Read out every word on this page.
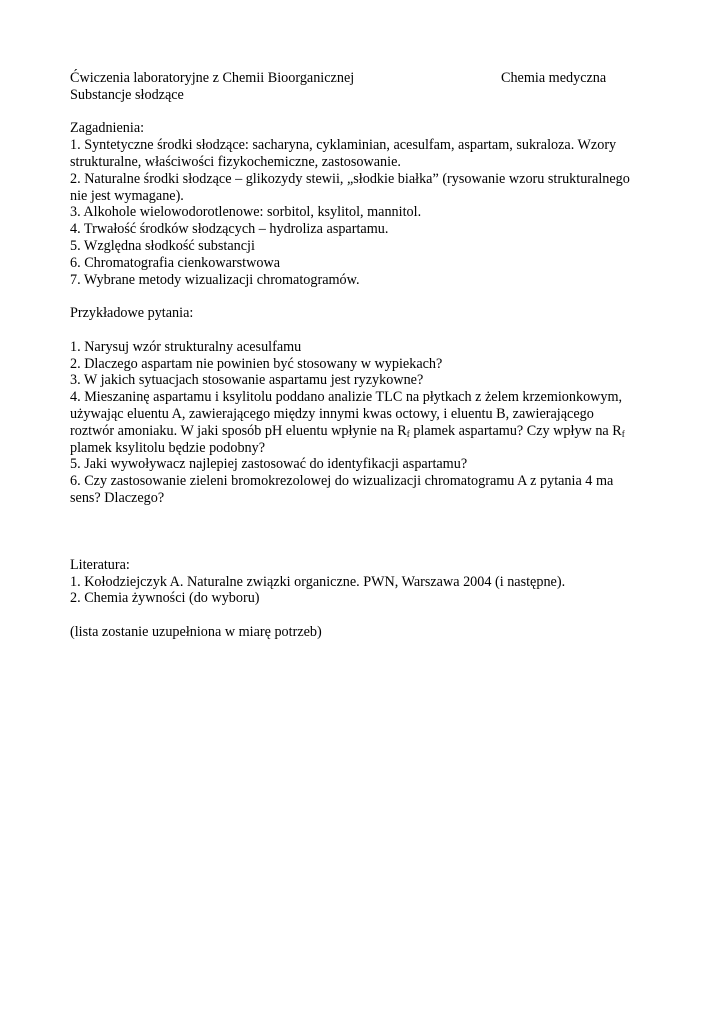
Ćwiczenia laboratoryjne z Chemii Bioorganicznej	Chemia medyczna
Substancje słodzące
Zagadnienia:
1. Syntetyczne środki słodzące: sacharyna, cyklaminian, acesulfam, aspartam, sukraloza. Wzory
strukturalne, właściwości fizykochemiczne, zastosowanie.
2. Naturalne środki słodzące – glikozydy stewii, „słodkie białka” (rysowanie wzoru strukturalnego
nie jest wymagane).
3. Alkohole wielowodorotlenowe: sorbitol, ksylitol, mannitol.
4. Trwałość środków słodzących – hydroliza aspartamu.
5. Względna słodkość substancji
6. Chromatografia cienkowarstwowa
7. Wybrane metody wizualizacji chromatogramów.
Przykładowe pytania:
1. Narysuj wzór strukturalny acesulfamu
2. Dlaczego aspartam nie powinien być stosowany w wypiekach?
3. W jakich sytuacjach stosowanie aspartamu jest ryzykowne?
4. Mieszaninę aspartamu i ksylitolu poddano analizie TLC na płytkach z żelem krzemionkowym,
używając eluentu A, zawierającego między innymi kwas octowy, i eluentu B, zawierającego
roztwór amoniaku. W jaki sposób pH eluentu wpłynie na $R_f$ plamek aspartamu? Czy wpływ na $R_f$
plamek ksylitolu będzie podobny?
5. Jaki wywoływacz najlepiej zastosować do identyfikacji aspartamu?
6. Czy zastosowanie zieleni bromokrezolowej do wizualizacji chromatogramu A z pytania 4 ma
sens? Dlaczego?
Literatura:
1. Kołodziejczyk A. Naturalne związki organiczne. PWN, Warszawa 2004 (i następne).
2. Chemia żywności (do wyboru)
(lista zostanie uzupełniona w miarę potrzeb)
